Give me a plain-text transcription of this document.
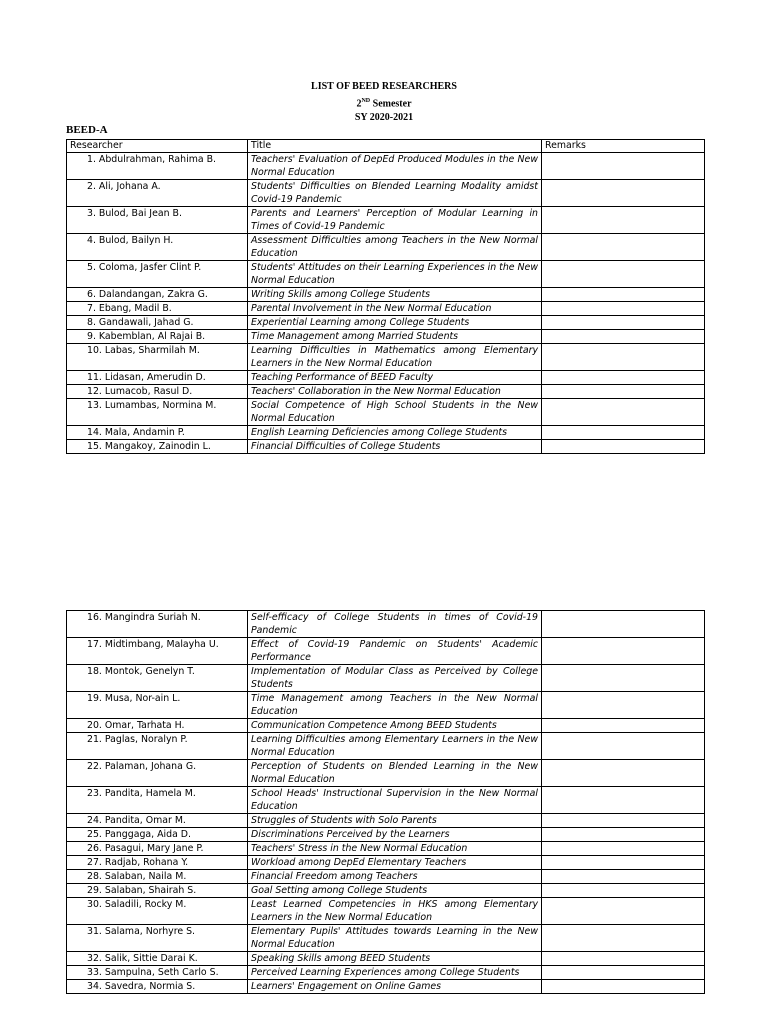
LIST OF BEED RESEARCHERS
2ND Semester
SY 2020-2021
BEED-A
Researcher	Title	Remarks
1. Abdulrahman, Rahima B.	Teachers' Evaluation of DepEd Produced Modules in the New Normal Education	
2. Ali, Johana A.	Students' Difficulties on Blended Learning Modality amidst Covid-19 Pandemic	
3. Bulod, Bai Jean B.	Parents and Learners' Perception of Modular Learning in Times of Covid-19 Pandemic	
4. Bulod, Bailyn H.	Assessment Difficulties among Teachers in the New Normal Education	
5. Coloma, Jasfer Clint P.	Students' Attitudes on their Learning Experiences in the New Normal Education	
6. Dalandangan, Zakra G.	Writing Skills among College Students	
7. Ebang, Madil B.	Parental Involvement in the New Normal Education	
8. Gandawali, Jahad G.	Experiential Learning among College Students	
9. Kabemblan, Al Rajai B.	Time Management among Married Students	
10. Labas, Sharmilah M.	Learning Difficulties in Mathematics among Elementary Learners in the New Normal Education	
11. Lidasan, Amerudin D.	Teaching Performance of BEED Faculty	
12. Lumacob, Rasul D.	Teachers' Collaboration in the New Normal Education	
13. Lumambas, Normina M.	Social Competence of High School Students in the New Normal Education	
14. Mala, Andamin P.	English Learning Deficiencies among College Students	
15. Mangakoy, Zainodin L.	Financial Difficulties of College Students	
16. Mangindra Suriah N.	Self-efficacy of College Students in times of Covid-19 Pandemic	
17. Midtimbang, Malayha U.	Effect of Covid-19 Pandemic on Students' Academic Performance	
18. Montok, Genelyn T.	Implementation of Modular Class as Perceived by College Students	
19. Musa, Nor-ain L.	Time Management among Teachers in the New Normal Education	
20. Omar, Tarhata H.	Communication Competence Among BEED Students	
21. Paglas, Noralyn P.	Learning Difficulties among Elementary Learners in the New Normal Education	
22. Palaman, Johana G.	Perception of Students on Blended Learning in the New Normal Education	
23. Pandita, Hamela M.	School Heads' Instructional Supervision in the New Normal Education	
24. Pandita, Omar M.	Struggles of Students with Solo Parents	
25. Panggaga, Aida D.	Discriminations Perceived by the Learners	
26. Pasagui, Mary Jane P.	Teachers' Stress in the New Normal Education	
27. Radjab, Rohana Y.	Workload among DepEd Elementary Teachers	
28. Salaban, Naila M.	Financial Freedom among Teachers	
29. Salaban, Shairah S.	Goal Setting among College Students	
30. Saladili, Rocky M.	Least Learned Competencies in HKS among Elementary Learners in the New Normal Education	
31. Salama, Norhyre S.	Elementary Pupils' Attitudes towards Learning in the New Normal Education	
32. Salik, Sittie Darai K.	Speaking Skills among BEED Students	
33. Sampulna, Seth Carlo S.	Perceived Learning Experiences among College Students	
34. Savedra, Normia S.	Learners' Engagement on Online Games	
